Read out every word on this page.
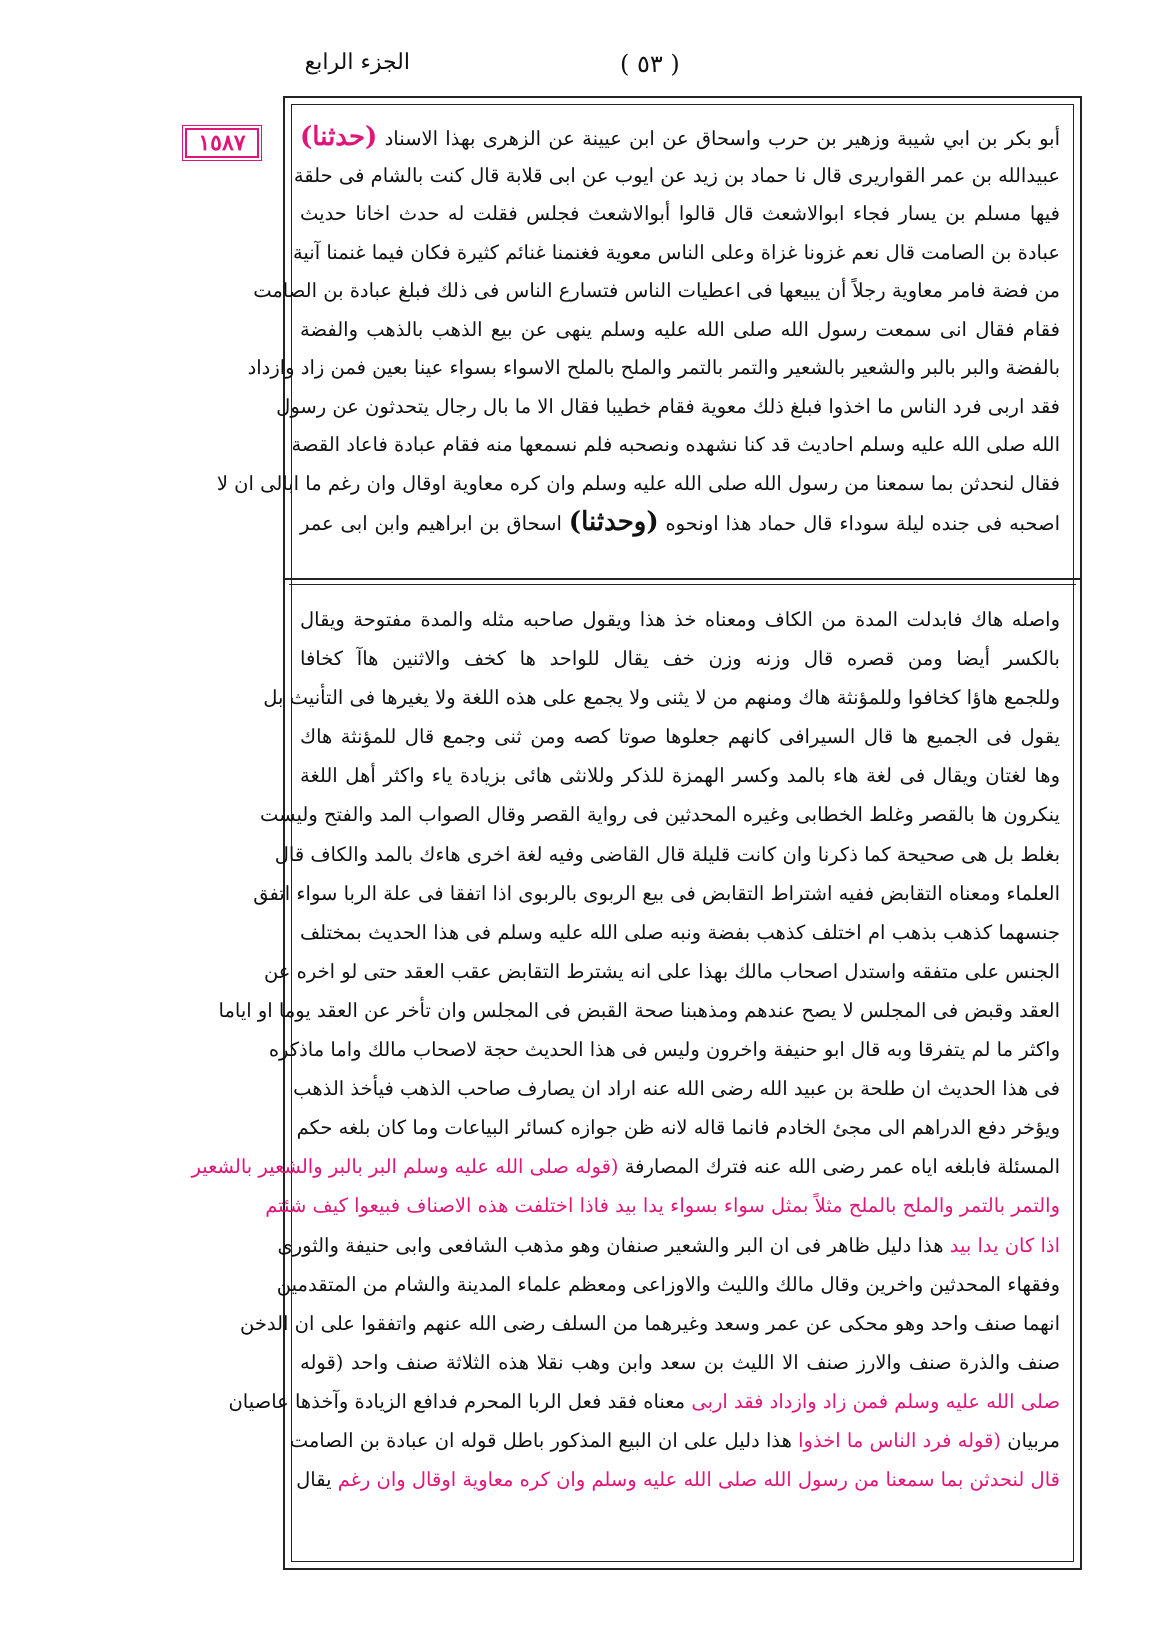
الجزء الرابع	( ٥٣ )
١٥٨٧	أبو بكر بن ابي شيبة وزهير بن حرب واسحاق عن ابن عيينة عن الزهرى بهذا الاسناد (حدثنا)
عبيدالله بن عمر القواريرى قال نا حماد بن زيد عن ايوب عن ابى قلابة قال كنت بالشام فى حلقة
فيها مسلم بن يسار فجاء ابوالاشعث قال قالوا أبوالاشعث فجلس فقلت له حدث اخانا حديث
عبادة بن الصامت قال نعم غزونا غزاة وعلى الناس معوية فغنمنا غنائم كثيرة فكان فيما غنمنا آنية
من فضة فامر معاوية رجلاً أن يبيعها فى اعطيات الناس فتسارع الناس فى ذلك فبلغ عبادة بن الصامت
فقام فقال انى سمعت رسول الله صلى الله عليه وسلم ينهى عن بيع الذهب بالذهب والفضة
بالفضة والبر بالبر والشعير بالشعير والتمر بالتمر والملح بالملح الاسواء بسواء عينا بعين فمن زاد وازداد
فقد اربى فرد الناس ما اخذوا فبلغ ذلك معوية فقام خطيبا فقال الا ما بال رجال يتحدثون عن رسول
الله صلى الله عليه وسلم احاديث قد كنا نشهده ونصحبه فلم نسمعها منه فقام عبادة فاعاد القصة
فقال لنحدثن بما سمعنا من رسول الله صلى الله عليه وسلم وان كره معاوية اوقال وان رغم ما ابالى ان لا
اصحبه فى جنده ليلة سوداء قال حماد هذا اونحوه (وحدثنا) اسحاق بن ابراهيم وابن ابى عمر
واصله هاك فابدلت المدة من الكاف ومعناه خذ هذا ويقول صاحبه مثله والمدة مفتوحة ويقال
بالكسر أيضا ومن قصره قال وزنه وزن خف يقال للواحد ها كخف والاثنين هاآ كخافا
وللجمع هاؤا كخافوا وللمؤنثة هاك ومنهم من لا يثنى ولا يجمع على هذه اللغة ولا يغيرها فى التأنيث بل
يقول فى الجميع ها قال السيرافى كانهم جعلوها صوتا كصه ومن ثنى وجمع قال للمؤنثة هاك
وها لغتان ويقال فى لغة هاء بالمد وكسر الهمزة للذكر وللانثى هائى بزيادة ياء واكثر أهل اللغة
ينكرون ها بالقصر وغلط الخطابى وغيره المحدثين فى رواية القصر وقال الصواب المد والفتح وليست
بغلط بل هى صحيحة كما ذكرنا وان كانت قليلة قال القاضى وفيه لغة اخرى هاءك بالمد والكاف قال
العلماء ومعناه التقابض ففيه اشتراط التقابض فى بيع الربوى بالربوى اذا اتفقا فى علة الربا سواء اتفق
جنسهما كذهب بذهب ام اختلف كذهب بفضة ونبه صلى الله عليه وسلم فى هذا الحديث بمختلف
الجنس على متفقه واستدل اصحاب مالك بهذا على انه يشترط التقابض عقب العقد حتى لو اخره عن
العقد وقبض فى المجلس لا يصح عندهم ومذهبنا صحة القبض فى المجلس وان تأخر عن العقد يوما او اياما
واكثر ما لم يتفرقا وبه قال ابو حنيفة واخرون وليس فى هذا الحديث حجة لاصحاب مالك واما ماذكره
فى هذا الحديث ان طلحة بن عبيد الله رضى الله عنه اراد ان يصارف صاحب الذهب فيأخذ الذهب
ويؤخر دفع الدراهم الى مجئ الخادم فانما قاله لانه ظن جوازه كسائر البياعات وما كان بلغه حكم
المسئلة فابلغه اياه عمر رضى الله عنه فترك المصارفة (قوله صلى الله عليه وسلم البر بالبر والشعير بالشعير
والتمر بالتمر والملح بالملح مثلاً بمثل سواء بسواء يدا بيد فاذا اختلفت هذه الاصناف فبيعوا كيف شئتم
اذا كان يدا بيد هذا دليل ظاهر فى ان البر والشعير صنفان وهو مذهب الشافعى وابى حنيفة والثورى
وفقهاء المحدثين واخرين وقال مالك والليث والاوزاعى ومعظم علماء المدينة والشام من المتقدمين
انهما صنف واحد وهو محكى عن عمر وسعد وغيرهما من السلف رضى الله عنهم واتفقوا على ان الدخن
صنف والذرة صنف والارز صنف الا الليث بن سعد وابن وهب نقلا هذه الثلاثة صنف واحد (قوله
صلى الله عليه وسلم فمن زاد وازداد فقد اربى معناه فقد فعل الربا المحرم فدافع الزيادة وآخذها عاصيان
مربيان (قوله فرد الناس ما اخذوا هذا دليل على ان البيع المذكور باطل قوله ان عبادة بن الصامت
قال لنحدثن بما سمعنا من رسول الله صلى الله عليه وسلم وان كره معاوية اوقال وان رغم يقال
